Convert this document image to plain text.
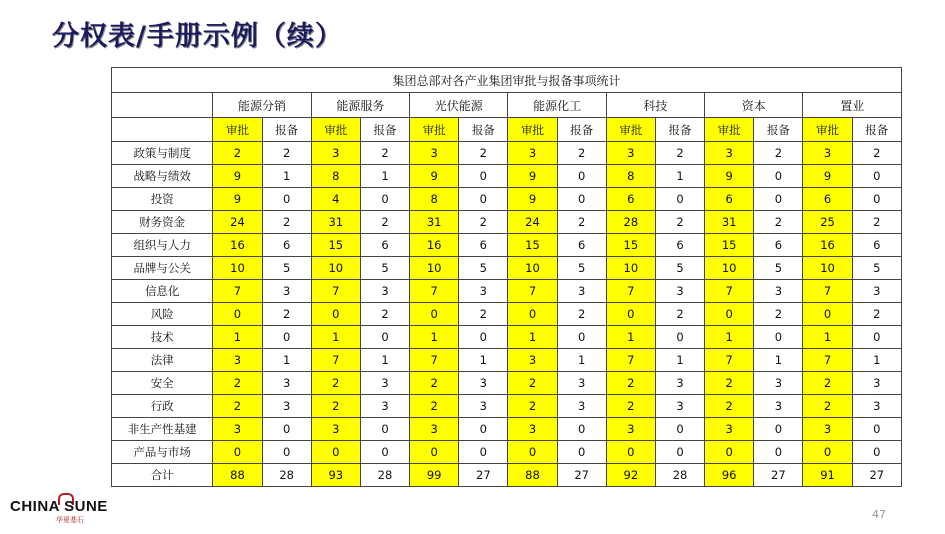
分权表/手册示例（续）
集团总部对各产业集团审批与报备事项统计														
	能源分销		能源服务		光伏能源		能源化工		科技		资本		置业	
	审批	报备	审批	报备	审批	报备	审批	报备	审批	报备	审批	报备	审批	报备
政策与制度	2	2	3	2	3	2	3	2	3	2	3	2	3	2
战略与绩效	9	1	8	1	9	0	9	0	8	1	9	0	9	0
投资	9	0	4	0	8	0	9	0	6	0	6	0	6	0
财务资金	24	2	31	2	31	2	24	2	28	2	31	2	25	2
组织与人力	16	6	15	6	16	6	15	6	15	6	15	6	16	6
品牌与公关	10	5	10	5	10	5	10	5	10	5	10	5	10	5
信息化	7	3	7	3	7	3	7	3	7	3	7	3	7	3
风险	0	2	0	2	0	2	0	2	0	2	0	2	0	2
技术	1	0	1	0	1	0	1	0	1	0	1	0	1	0
法律	3	1	7	1	7	1	3	1	7	1	7	1	7	1
安全	2	3	2	3	2	3	2	3	2	3	2	3	2	3
行政	2	3	2	3	2	3	2	3	2	3	2	3	2	3
非生产性基建	3	0	3	0	3	0	3	0	3	0	3	0	3	0
产品与市场	0	0	0	0	0	0	0	0	0	0	0	0	0	0
合计	88	28	93	28	99	27	88	27	92	28	96	27	91	27
CHINA SUNE
华夏基石	47
